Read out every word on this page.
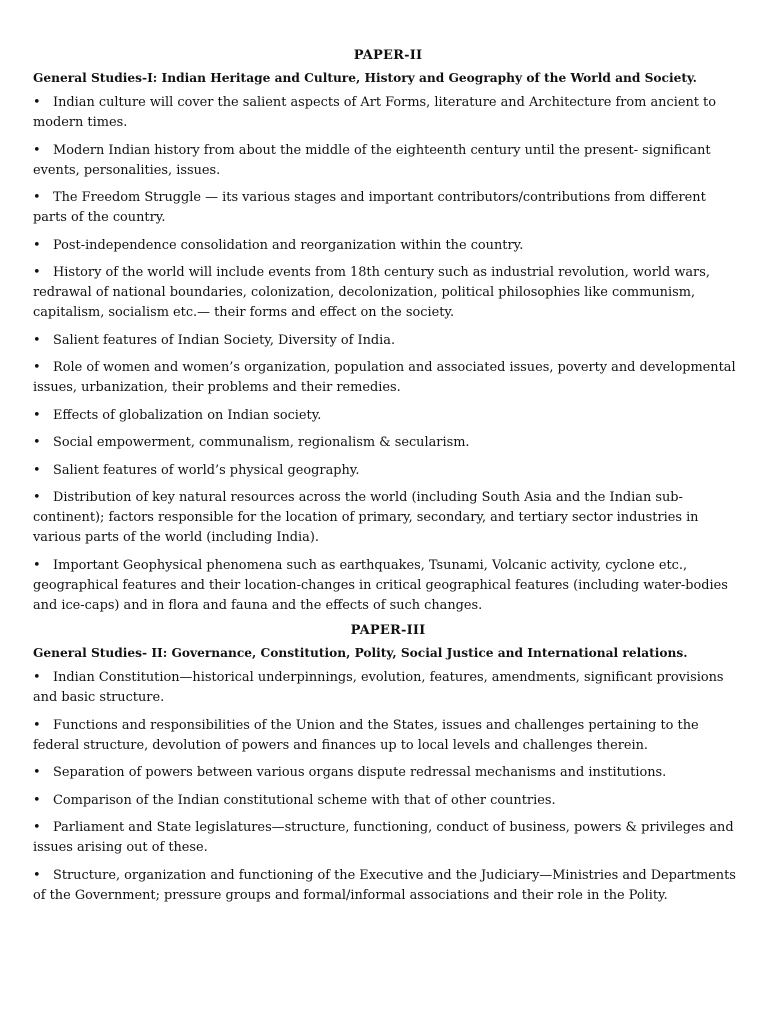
PAPER-II
General Studies-I: Indian Heritage and Culture, History and Geography of the World and Society.
• Indian culture will cover the salient aspects of Art Forms, literature and Architecture from ancient to modern times.
• Modern Indian history from about the middle of the eighteenth century until the present- significant events, personalities, issues.
• The Freedom Struggle — its various stages and important contributors/contributions from different parts of the country.
• Post-independence consolidation and reorganization within the country.
• History of the world will include events from 18th century such as industrial revolution, world wars, redrawal of national boundaries, colonization, decolonization, political philosophies like communism, capitalism, socialism etc.— their forms and effect on the society.
• Salient features of Indian Society, Diversity of India.
• Role of women and women’s organization, population and associated issues, poverty and developmental issues, urbanization, their problems and their remedies.
• Effects of globalization on Indian society.
• Social empowerment, communalism, regionalism & secularism.
• Salient features of world’s physical geography.
• Distribution of key natural resources across the world (including South Asia and the Indian sub-continent); factors responsible for the location of primary, secondary, and tertiary sector industries in various parts of the world (including India).
• Important Geophysical phenomena such as earthquakes, Tsunami, Volcanic activity, cyclone etc., geographical features and their location-changes in critical geographical features (including water-bodies and ice-caps) and in flora and fauna and the effects of such changes.
PAPER-III
General Studies- II: Governance, Constitution, Polity, Social Justice and International relations.
• Indian Constitution—historical underpinnings, evolution, features, amendments, significant provisions and basic structure.
• Functions and responsibilities of the Union and the States, issues and challenges pertaining to the federal structure, devolution of powers and finances up to local levels and challenges therein.
• Separation of powers between various organs dispute redressal mechanisms and institutions.
• Comparison of the Indian constitutional scheme with that of other countries.
• Parliament and State legislatures—structure, functioning, conduct of business, powers & privileges and issues arising out of these.
• Structure, organization and functioning of the Executive and the Judiciary—Ministries and Departments of the Government; pressure groups and formal/informal associations and their role in the Polity.
